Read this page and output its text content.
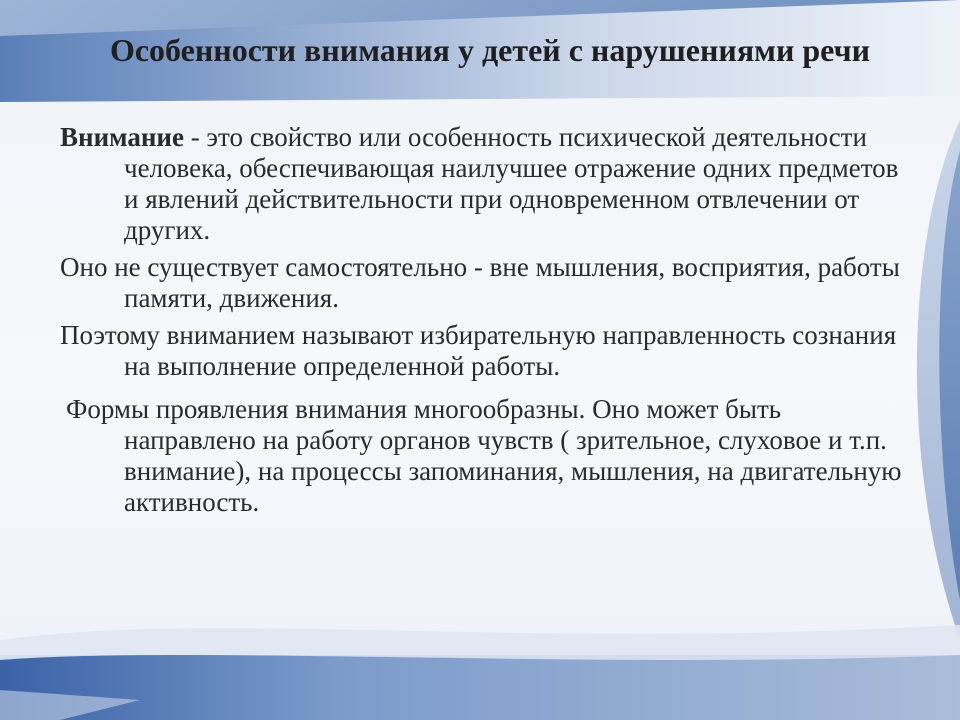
Особенности внимания у детей с нарушениями речи

Внимание - это свойство или особенность психической деятельности человека, обеспечивающая наилучшее отражение одних предметов и явлений действительности при одновременном отвлечении от других.

Оно не существует самостоятельно - вне мышления, восприятия, работы памяти, движения.

Поэтому вниманием называют избирательную направленность сознания на выполнение определенной работы.

Формы проявления внимания многообразны. Оно может быть направлено на работу органов чувств ( зрительное, слуховое и т.п. внимание), на процессы запоминания, мышления, на двигательную активность.
